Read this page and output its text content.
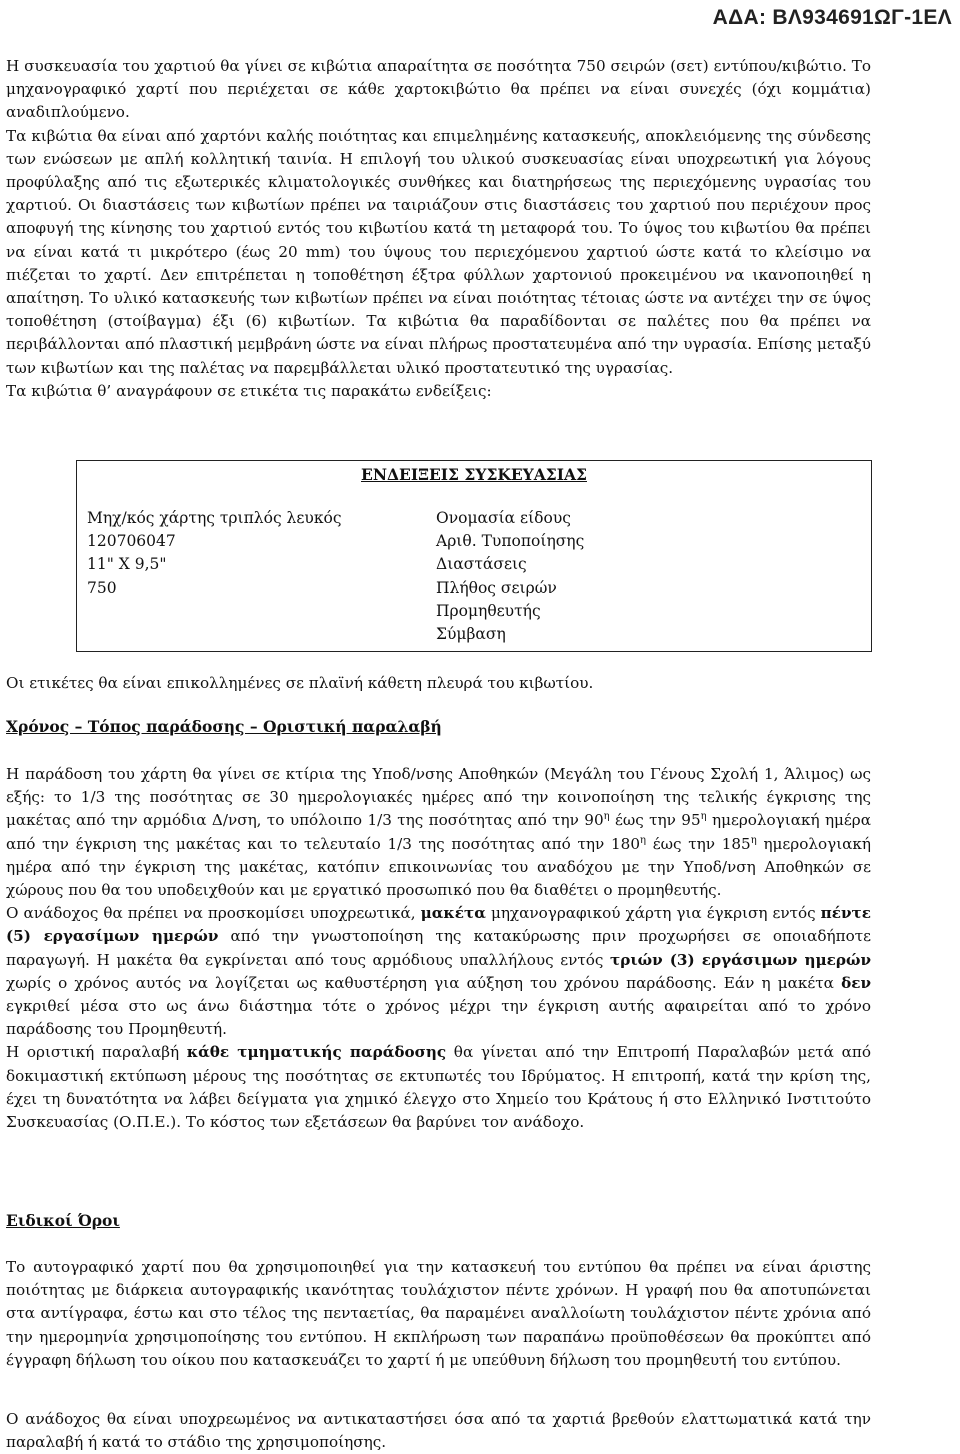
ΑΔΑ: ΒΛ934691ΩΓ-1ΕΛ
Η συσκευασία του χαρτιού θα γίνει σε κιβώτια απαραίτητα σε ποσότητα 750 σειρών (σετ) εντύπου/κιβώτιο. Το μηχανογραφικό χαρτί που περιέχεται σε κάθε χαρτοκιβώτιο θα πρέπει να είναι συνεχές (όχι κομμάτια) αναδιπλούμενο.
Τα κιβώτια θα είναι από χαρτόνι καλής ποιότητας και επιμελημένης κατασκευής, αποκλειόμενης της σύνδεσης των ενώσεων με απλή κολλητική ταινία. Η επιλογή του υλικού συσκευασίας είναι υποχρεωτική για λόγους προφύλαξης από τις εξωτερικές κλιματολογικές συνθήκες και διατηρήσεως της περιεχόμενης υγρασίας του χαρτιού. Οι διαστάσεις των κιβωτίων πρέπει να ταιριάζουν στις διαστάσεις του χαρτιού που περιέχουν προς αποφυγή της κίνησης του χαρτιού εντός του κιβωτίου κατά τη μεταφορά του. Το ύψος του κιβωτίου θα πρέπει να είναι κατά τι μικρότερο (έως 20 mm) του ύψους του περιεχόμενου χαρτιού ώστε κατά το κλείσιμο να πιέζεται το χαρτί. Δεν επιτρέπεται η τοποθέτηση έξτρα φύλλων χαρτονιού προκειμένου να ικανοποιηθεί η απαίτηση. Το υλικό κατασκευής των κιβωτίων πρέπει να είναι ποιότητας τέτοιας ώστε να αντέχει την σε ύψος τοποθέτηση (στοίβαγμα) έξι (6) κιβωτίων. Τα κιβώτια θα παραδίδονται σε παλέτες που θα πρέπει να περιβάλλονται από πλαστική μεμβράνη ώστε να είναι πλήρως προστατευμένα από την υγρασία. Επίσης μεταξύ των κιβωτίων και της παλέτας να παρεμβάλλεται υλικό προστατευτικό της υγρασίας.
Τα κιβώτια θ’ αναγράφουν σε ετικέτα τις παρακάτω ενδείξεις:
ΕΝΔΕΙΞΕΙΣ ΣΥΣΚΕΥΑΣΙΑΣ
Μηχ/κός χάρτης τριπλός λευκός
120706047
11" Χ 9,5"
750
Ονομασία είδους
Αριθ. Τυποποίησης
Διαστάσεις
Πλήθος σειρών
Προμηθευτής
Σύμβαση
Οι ετικέτες θα είναι επικολλημένες σε πλαϊνή κάθετη πλευρά του κιβωτίου.
Χρόνος – Τόπος παράδοσης – Οριστική παραλαβή
Η παράδοση του χάρτη θα γίνει σε κτίρια της Υποδ/νσης Αποθηκών (Μεγάλη του Γένους Σχολή 1, Άλιμος) ως εξής: το 1/3 της ποσότητας σε 30 ημερολογιακές ημέρες από την κοινοποίηση της τελικής έγκρισης της μακέτας από την αρμόδια Δ/νση, το υπόλοιπο 1/3 της ποσότητας από την $90^\eta$ έως την $95^\eta$ ημερολογιακή ημέρα από την έγκριση της μακέτας και το τελευταίο 1/3 της ποσότητας από την $180^\eta$ έως την $185^\eta$ ημερολογιακή ημέρα από την έγκριση της μακέτας, κατόπιν επικοινωνίας του αναδόχου με την Υποδ/νση Αποθηκών σε χώρους που θα του υποδειχθούν και με εργατικό προσωπικό που θα διαθέτει ο προμηθευτής.
Ο ανάδοχος θα πρέπει να προσκομίσει υποχρεωτικά, μακέτα μηχανογραφικού χάρτη για έγκριση εντός πέντε (5) εργασίμων ημερών από την γνωστοποίηση της κατακύρωσης πριν προχωρήσει σε οποιαδήποτε παραγωγή. Η μακέτα θα εγκρίνεται από τους αρμόδιους υπαλλήλους εντός τριών (3) εργάσιμων ημερών χωρίς ο χρόνος αυτός να λογίζεται ως καθυστέρηση για αύξηση του χρόνου παράδοσης. Εάν η μακέτα δεν εγκριθεί μέσα στο ως άνω διάστημα τότε ο χρόνος μέχρι την έγκριση αυτής αφαιρείται από το χρόνο παράδοσης του Προμηθευτή.
Η οριστική παραλαβή κάθε τμηματικής παράδοσης θα γίνεται από την Επιτροπή Παραλαβών μετά από δοκιμαστική εκτύπωση μέρους της ποσότητας σε εκτυπωτές του Ιδρύματος. Η επιτροπή, κατά την κρίση της, έχει τη δυνατότητα να λάβει δείγματα για χημικό έλεγχο στο Χημείο του Κράτους ή στο Ελληνικό Ινστιτούτο Συσκευασίας (Ο.Π.Ε.). Το κόστος των εξετάσεων θα βαρύνει τον ανάδοχο.
Ειδικοί Όροι
Το αυτογραφικό χαρτί που θα χρησιμοποιηθεί για την κατασκευή του εντύπου θα πρέπει να είναι άριστης ποιότητας με διάρκεια αυτογραφικής ικανότητας τουλάχιστον πέντε χρόνων. Η γραφή που θα αποτυπώνεται στα αντίγραφα, έστω και στο τέλος της πενταετίας, θα παραμένει αναλλοίωτη τουλάχιστον πέντε χρόνια από την ημερομηνία χρησιμοποίησης του εντύπου. Η εκπλήρωση των παραπάνω προϋποθέσεων θα προκύπτει από έγγραφη δήλωση του οίκου που κατασκευάζει το χαρτί ή με υπεύθυνη δήλωση του προμηθευτή του εντύπου.
Ο ανάδοχος θα είναι υποχρεωμένος να αντικαταστήσει όσα από τα χαρτιά βρεθούν ελαττωματικά κατά την παραλαβή ή κατά το στάδιο της χρησιμοποίησης.
